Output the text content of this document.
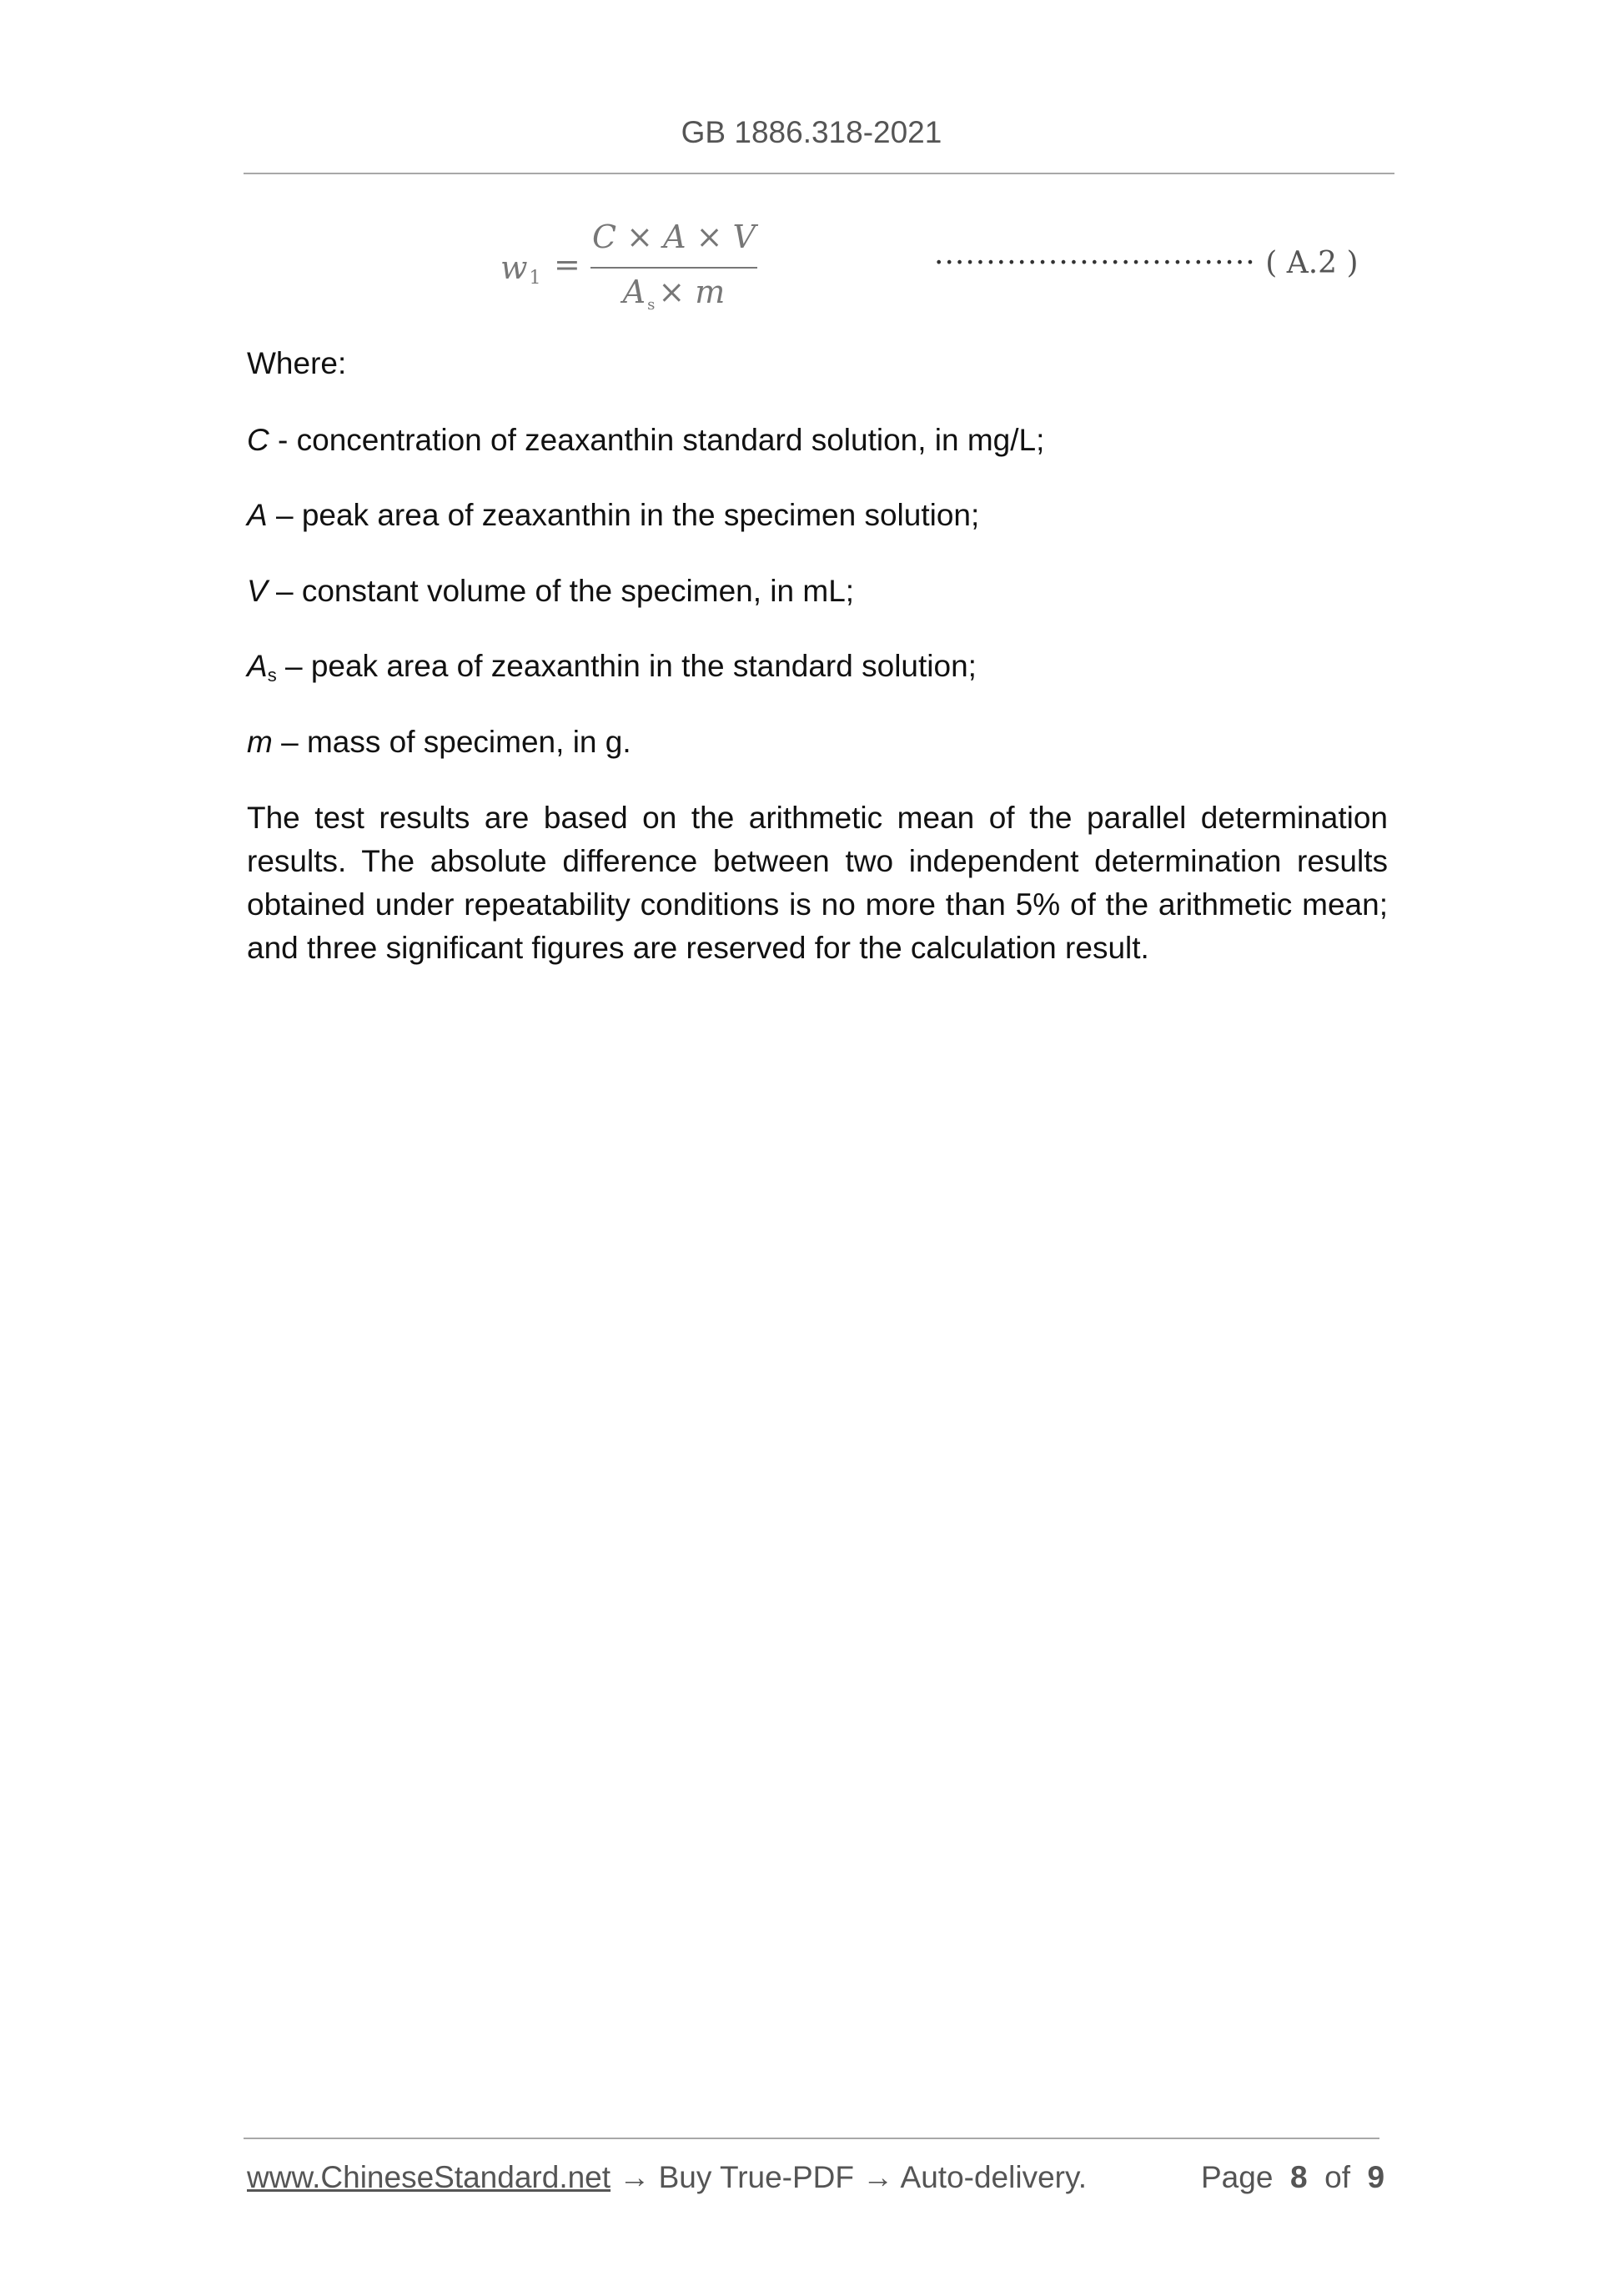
GB 1886.318-2021
w1 =
C × A × V
A $_s$ × m
······························· ( A.2 )
Where:
C - concentration of zeaxanthin standard solution, in mg/L;
A – peak area of zeaxanthin in the specimen solution;
V – constant volume of the specimen, in mL;
As – peak area of zeaxanthin in the standard solution;
m – mass of specimen, in g.
The test results are based on the arithmetic mean of the parallel determination results. The absolute difference between two independent determination results obtained under repeatability conditions is no more than 5% of the arithmetic mean; and three significant figures are reserved for the calculation result.
www.ChineseStandard.net → Buy True-PDF → Auto-delivery.	Page 8 of 9
